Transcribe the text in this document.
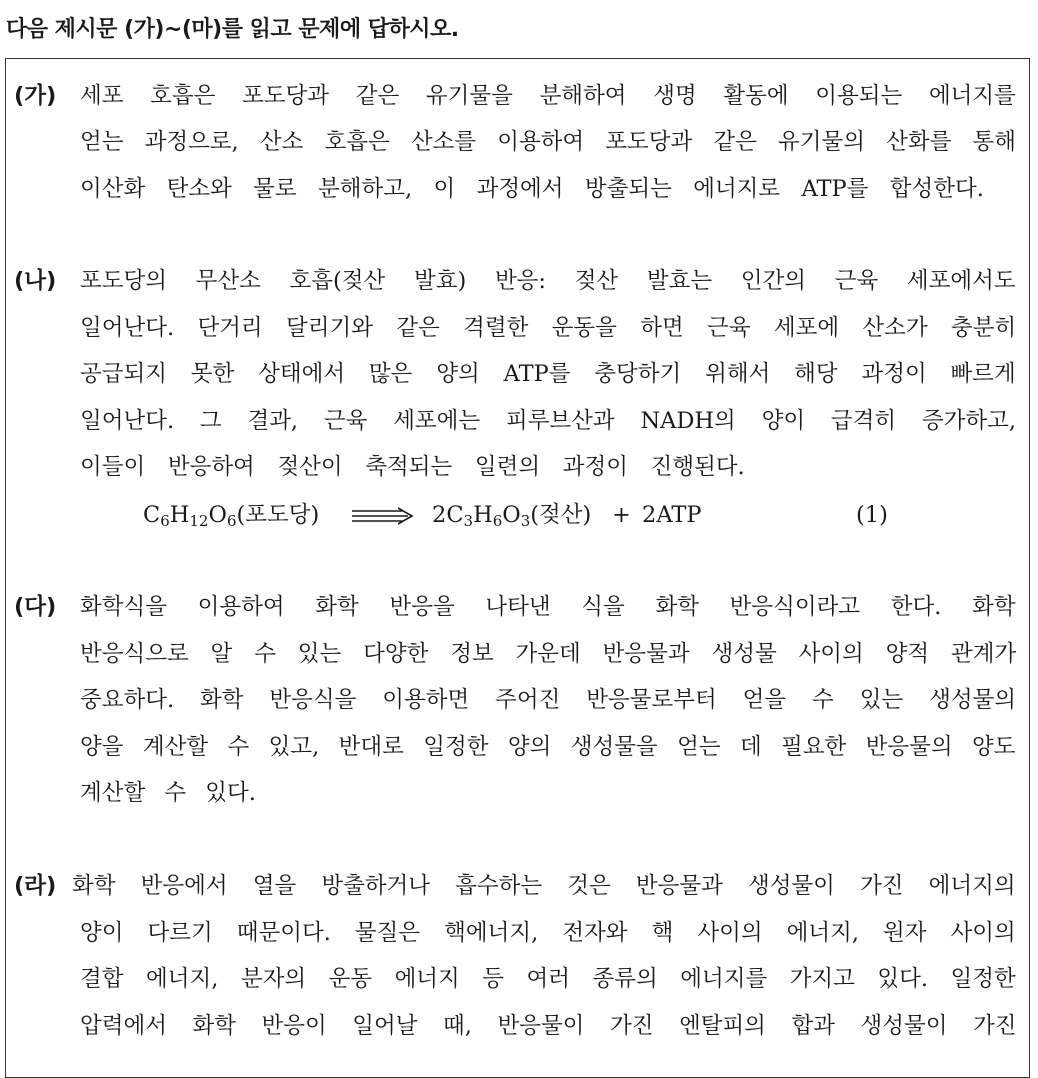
다음 제시문 (가)~(마)를 읽고 문제에 답하시오.
(가) 세포 호흡은 포도당과 같은 유기물을 분해하여 생명 활동에 이용되는 에너지를
얻는 과정으로, 산소 호흡은 산소를 이용하여 포도당과 같은 유기물의 산화를 통해
이산화 탄소와 물로 분해하고, 이 과정에서 방출되는 에너지로 ATP를 합성한다.
(나) 포도당의 무산소 호흡(젖산 발효) 반응: 젖산 발효는 인간의 근육 세포에서도
일어난다. 단거리 달리기와 같은 격렬한 운동을 하면 근육 세포에 산소가 충분히
공급되지 못한 상태에서 많은 양의 ATP를 충당하기 위해서 해당 과정이 빠르게
일어난다. 그 결과, 근육 세포에는 피루브산과 NADH의 양이 급격히 증가하고,
이들이 반응하여 젖산이 축적되는 일련의 과정이 진행된다.
$C_6H_{12}O_6$(포도당)	$2C_3H_6O_3$(젖산) + 2ATP	(1)
(다) 화학식을 이용하여 화학 반응을 나타낸 식을 화학 반응식이라고 한다. 화학
반응식으로 알 수 있는 다양한 정보 가운데 반응물과 생성물 사이의 양적 관계가
중요하다. 화학 반응식을 이용하면 주어진 반응물로부터 얻을 수 있는 생성물의
양을 계산할 수 있고, 반대로 일정한 양의 생성물을 얻는 데 필요한 반응물의 양도
계산할 수 있다.
(라) 화학 반응에서 열을 방출하거나 흡수하는 것은 반응물과 생성물이 가진 에너지의
양이 다르기 때문이다. 물질은 핵에너지, 전자와 핵 사이의 에너지, 원자 사이의
결합 에너지, 분자의 운동 에너지 등 여러 종류의 에너지를 가지고 있다. 일정한
압력에서 화학 반응이 일어날 때, 반응물이 가진 엔탈피의 합과 생성물이 가진
